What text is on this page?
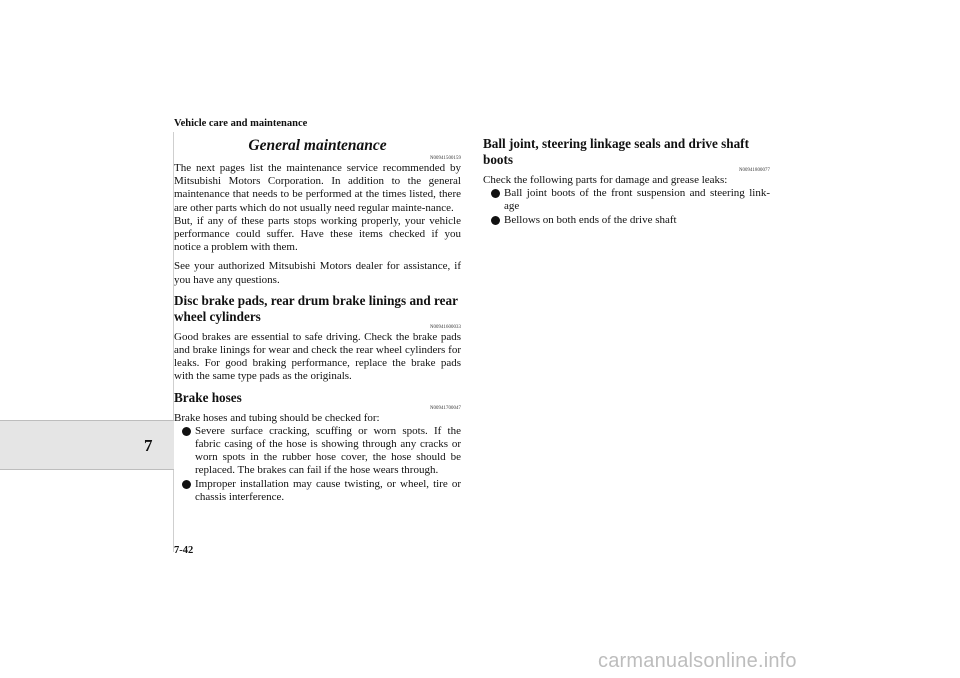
Vehicle care and maintenance
7
General maintenance
N00941500159

The next pages list the maintenance service recommended by Mitsubishi Motors Corporation. In addition to the general maintenance that needs to be performed at the times listed, there are other parts which do not usually need regular mainte-nance.

But, if any of these parts stops working properly, your vehicle performance could suffer. Have these items checked if you notice a problem with them.

See your authorized Mitsubishi Motors dealer for assistance, if you have any questions.

Disc brake pads, rear drum brake linings and rear wheel cylinders
N00941600033

Good brakes are essential to safe driving. Check the brake pads and brake linings for wear and check the rear wheel cylinders for leaks. For good braking performance, replace the brake pads with the same type pads as the originals.

Brake hoses
N00941700047

Brake hoses and tubing should be checked for:

Severe surface cracking, scuffing or worn spots. If the fabric casing of the hose is showing through any cracks or worn spots in the rubber hose cover, the hose should be replaced. The brakes can fail if the hose wears through.
Improper installation may cause twisting, or wheel, tire or chassis interference.
Ball joint, steering linkage seals and drive shaft boots
N00941800077

Check the following parts for damage and grease leaks:

Ball joint boots of the front suspension and steering link-age
Bellows on both ends of the drive shaft
7-42
carmanualsonline.info
